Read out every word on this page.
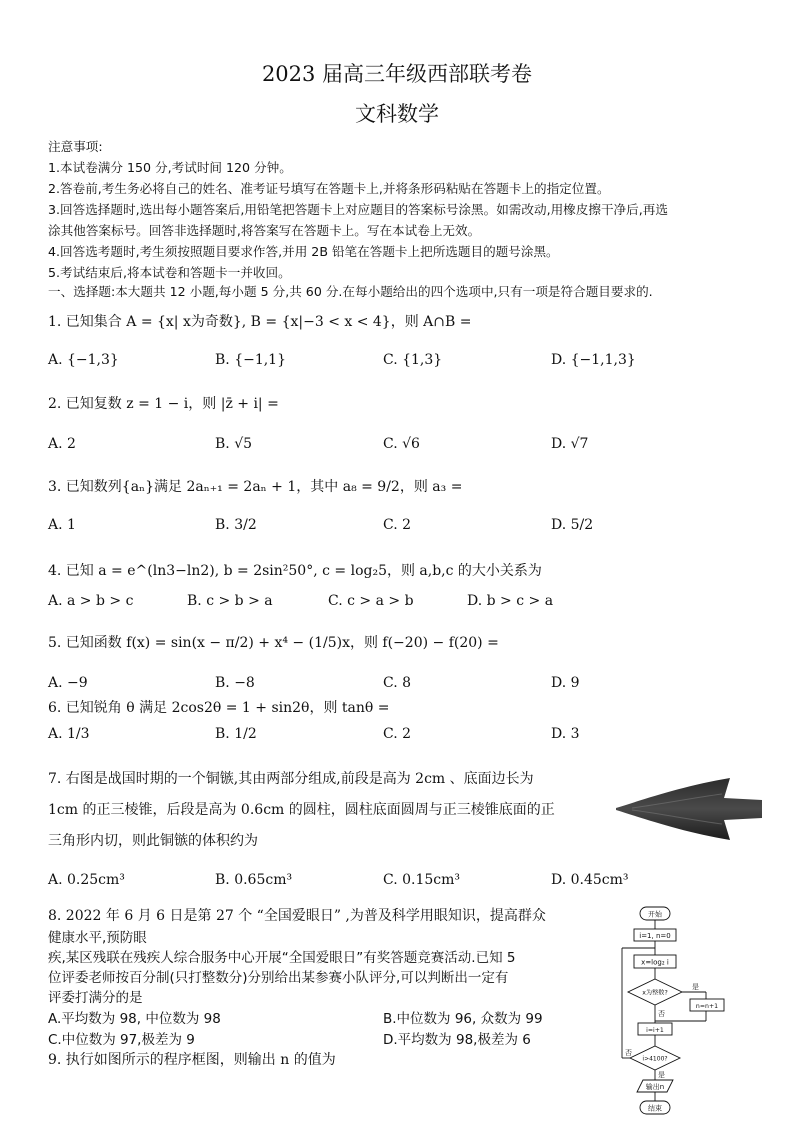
2023 届高三年级西部联考卷
文科数学
注意事项:
1.本试卷满分 150 分,考试时间 120 分钟。
2.答卷前,考生务必将自己的姓名、准考证号填写在答题卡上,并将条形码粘贴在答题卡上的指定位置。
3.回答选择题时,选出每小题答案后,用铅笔把答题卡上对应题目的答案标号涂黑。如需改动,用橡皮擦干净后,再选
涂其他答案标号。回答非选择题时,将答案写在答题卡上。写在本试卷上无效。
4.回答选考题时,考生须按照题目要求作答,并用 2B 铅笔在答题卡上把所选题目的题号涂黑。
5.考试结束后,将本试卷和答题卡一并收回。
一、选择题:本大题共 12 小题,每小题 5 分,共 60 分.在每小题给出的四个选项中,只有一项是符合题目要求的.
1. 已知集合 A = {x| x为奇数}, B = {x|−3 < x < 4}，则 A∩B =
A. {−1,3}	B. {−1,1}	C. {1,3}	D. {−1,1,3}
2. 已知复数 z = 1 − i，则 |z̄ + i| =
A. 2	B. √5	C. √6	D. √7
3. 已知数列{aₙ}满足 2aₙ₊₁ = 2aₙ + 1，其中 a₈ = 9/2，则 a₃ =
A. 1	B. 3/2	C. 2	D. 5/2
4. 已知 a = e^(ln3−ln2), b = 2sin²50°, c = log₂5，则 a,b,c 的大小关系为
A. a > b > c	B. c > b > a	C. c > a > b	D. b > c > a
5. 已知函数 f(x) = sin(x − π/2) + x⁴ − (1/5)x，则 f(−20) − f(20) =
A. −9	B. −8	C. 8	D. 9
6. 已知锐角 θ 满足 2cos2θ = 1 + sin2θ，则 tanθ =
A. 1/3	B. 1/2	C. 2	D. 3
7. 右图是战国时期的一个铜镞,其由两部分组成,前段是高为 2cm 、底面边长为
1cm 的正三棱锥，后段是高为 0.6cm 的圆柱，圆柱底面圆周与正三棱锥底面的正
三角形内切，则此铜镞的体积约为
A. 0.25cm³	B. 0.65cm³	C. 0.15cm³	D. 0.45cm³
8. 2022 年 6 月 6 日是第 27 个 “全国爱眼日” ,为普及科学用眼知识，提高群众
健康水平,预防眼
疾,某区残联在残疾人综合服务中心开展“全国爱眼日”有奖答题竞赛活动.已知 5
位评委老师按百分制(只打整数分)分别给出某参赛小队评分,可以判断出一定有
评委打满分的是
A.平均数为 98, 中位数为 98	B.中位数为 96, 众数为 99
C.中位数为 97,极差为 9	D.平均数为 98,极差为 6
9. 执行如图所示的程序框图，则输出 n 的值为
开始
i=1, n=0
x=log₂ i
x为整数?
是
n=n+1
否
i=i+1
i>4100?
否
是
输出n
结束
